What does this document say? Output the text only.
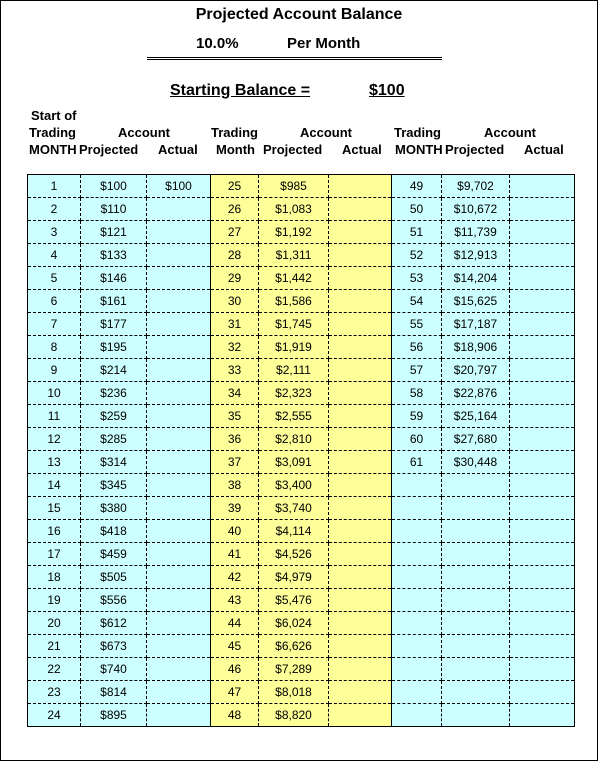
Projected Account Balance
10.0%	Per Month
Starting Balance =	$100
Start of
Trading	Account
MONTH Projected Actual
Trading	Account
Month Projected Actual
Trading	Account
MONTH Projected Actual
1	$100	$100	25	$985		49	$9,702	
2	$110		26	$1,083		50	$10,672	
3	$121		27	$1,192		51	$11,739	
4	$133		28	$1,311		52	$12,913	
5	$146		29	$1,442		53	$14,204	
6	$161		30	$1,586		54	$15,625	
7	$177		31	$1,745		55	$17,187	
8	$195		32	$1,919		56	$18,906	
9	$214		33	$2,111		57	$20,797	
10	$236		34	$2,323		58	$22,876	
11	$259		35	$2,555		59	$25,164	
12	$285		36	$2,810		60	$27,680	
13	$314		37	$3,091		61	$30,448	
14	$345		38	$3,400				
15	$380		39	$3,740				
16	$418		40	$4,114				
17	$459		41	$4,526				
18	$505		42	$4,979				
19	$556		43	$5,476				
20	$612		44	$6,024				
21	$673		45	$6,626				
22	$740		46	$7,289				
23	$814		47	$8,018				
24	$895		48	$8,820				
